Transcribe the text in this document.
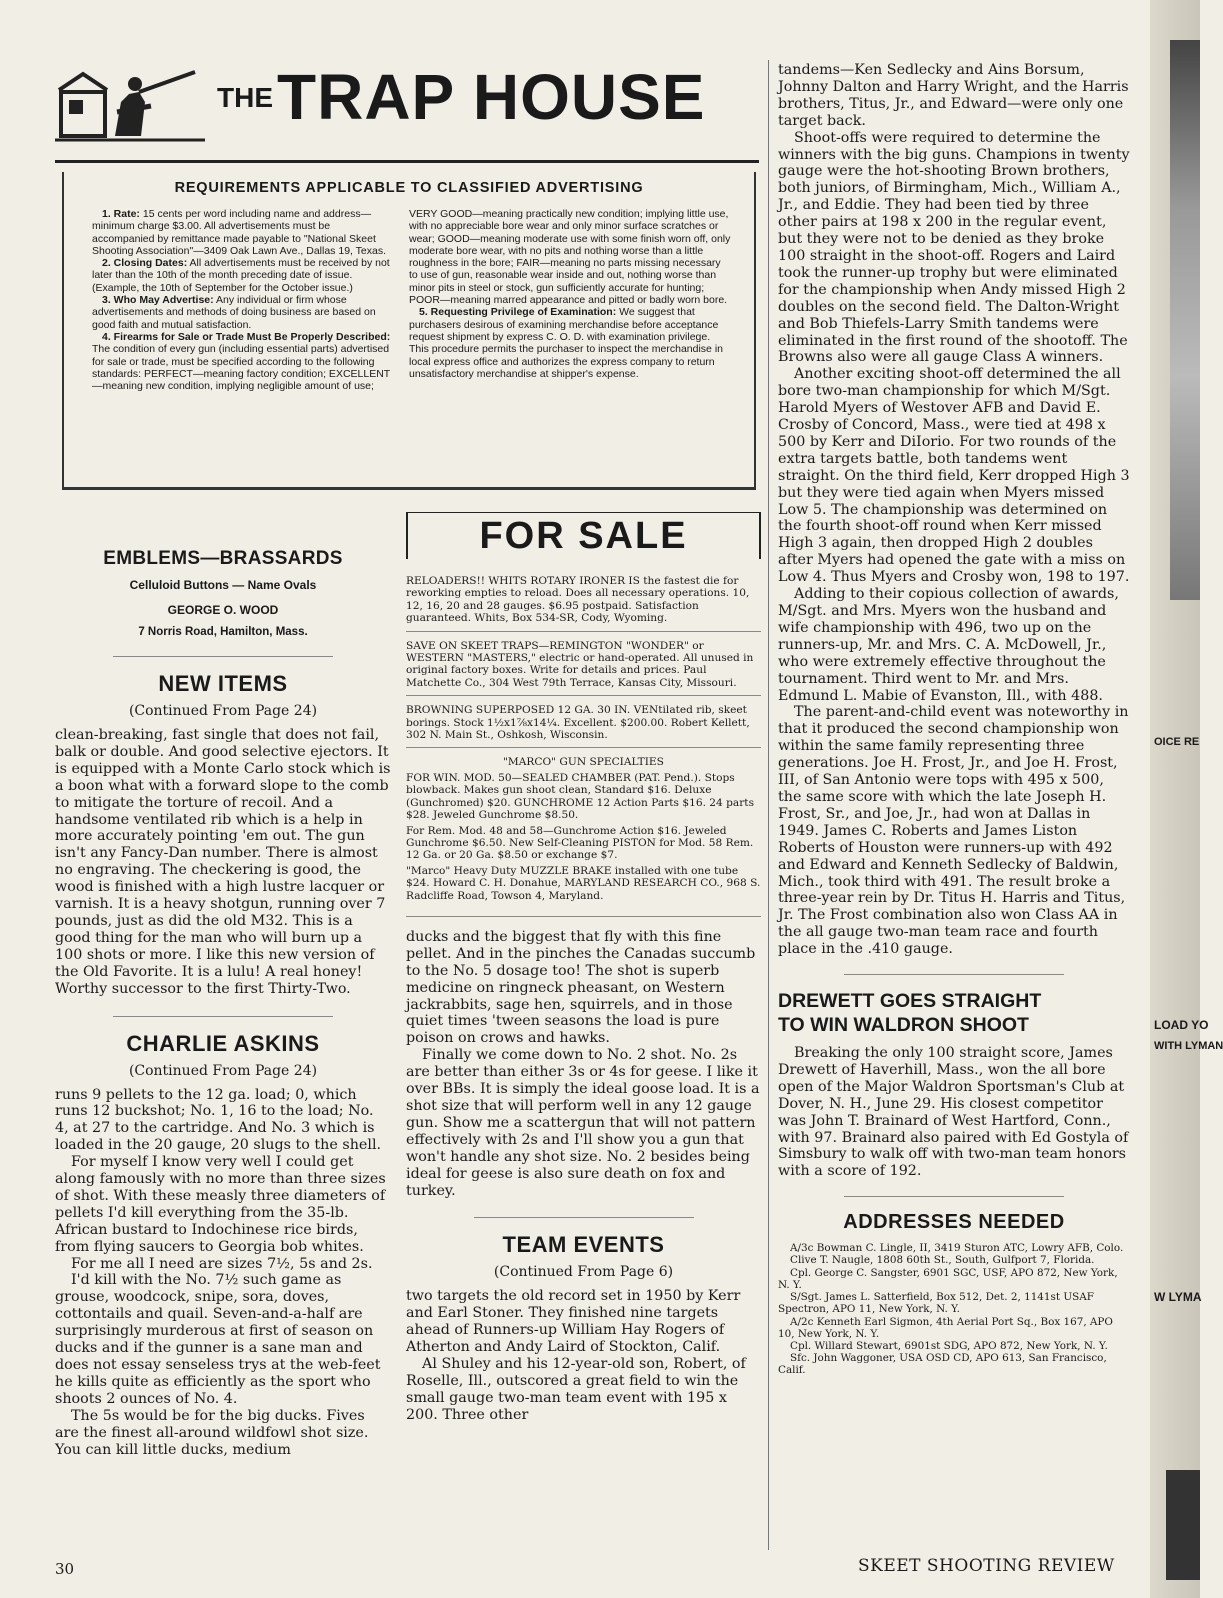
THE TRAP HOUSE
REQUIREMENTS APPLICABLE TO CLASSIFIED ADVERTISING

1. Rate: 15 cents per word including name and address—minimum charge $3.00. All advertisements must be accompanied by remittance made payable to "National Skeet Shooting Association"—3409 Oak Lawn Ave., Dallas 19, Texas.

2. Closing Dates: All advertisements must be received by not later than the 10th of the month preceding date of issue. (Example, the 10th of September for the October issue.)

3. Who May Advertise: Any individual or firm whose advertisements and methods of doing business are based on good faith and mutual satisfaction.

4. Firearms for Sale or Trade Must Be Properly Described: The condition of every gun (including essential parts) advertised for sale or trade, must be specified according to the following standards: PERFECT—meaning factory condition; EXCELLENT—meaning new condition, implying negligible amount of use;

VERY GOOD—meaning practically new condition; implying little use, with no appreciable bore wear and only minor surface scratches or wear; GOOD—meaning moderate use with some finish worn off, only moderate bore wear, with no pits and nothing worse than a little roughness in the bore; FAIR—meaning no parts missing necessary to use of gun, reasonable wear inside and out, nothing worse than minor pits in steel or stock, gun sufficiently accurate for hunting; POOR—meaning marred appearance and pitted or badly worn bore.

5. Requesting Privilege of Examination: We suggest that purchasers desirous of examining merchandise before acceptance request shipment by express C. O. D. with examination privilege. This procedure permits the purchaser to inspect the merchandise in local express office and authorizes the express company to return unsatisfactory merchandise at shipper's expense.

EMBLEMS—BRASSARDS
Celluloid Buttons — Name Ovals
GEORGE O. WOOD
7 Norris Road, Hamilton, Mass.
NEW ITEMS
(Continued From Page 24)

clean-breaking, fast single that does not fail, balk or double. And good selective ejectors. It is equipped with a Monte Carlo stock which is a boon what with a forward slope to the comb to mitigate the torture of recoil. And a handsome ventilated rib which is a help in more accurately pointing 'em out. The gun isn't any Fancy-Dan number. There is almost no engraving. The checkering is good, the wood is finished with a high lustre lacquer or varnish. It is a heavy shotgun, running over 7 pounds, just as did the old M32. This is a good thing for the man who will burn up a 100 shots or more. I like this new version of the Old Favorite. It is a lulu! A real honey! Worthy successor to the first Thirty-Two.

CHARLIE ASKINS
(Continued From Page 24)

runs 9 pellets to the 12 ga. load; 0, which runs 12 buckshot; No. 1, 16 to the load; No. 4, at 27 to the cartridge. And No. 3 which is loaded in the 20 gauge, 20 slugs to the shell.

For myself I know very well I could get along famously with no more than three sizes of shot. With these measly three diameters of pellets I'd kill everything from the 35-lb. African bustard to Indochinese rice birds, from flying saucers to Georgia bob whites.

For me all I need are sizes 7½, 5s and 2s.

I'd kill with the No. 7½ such game as grouse, woodcock, snipe, sora, doves, cottontails and quail. Seven-and-a-half are surprisingly murderous at first of season on ducks and if the gunner is a sane man and does not essay senseless trys at the web-feet he kills quite as efficiently as the sport who shoots 2 ounces of No. 4.

The 5s would be for the big ducks. Fives are the finest all-around wildfowl shot size. You can kill little ducks, medium

FOR SALE

RELOADERS!! WHITS ROTARY IRONER IS the fastest die for reworking empties to reload. Does all necessary operations. 10, 12, 16, 20 and 28 gauges. $6.95 postpaid. Satisfaction guaranteed. Whits, Box 534-SR, Cody, Wyoming.

SAVE ON SKEET TRAPS—REMINGTON "WONDER" or WESTERN "MASTERS," electric or hand-operated. All unused in original factory boxes. Write for details and prices. Paul Matchette Co., 304 West 79th Terrace, Kansas City, Missouri.

BROWNING SUPERPOSED 12 GA. 30 IN. VENtilated rib, skeet borings. Stock 1½x1⅞x14¼. Excellent. $200.00. Robert Kellett, 302 N. Main St., Oshkosh, Wisconsin.

"MARCO" GUN SPECIALTIES

FOR WIN. MOD. 50—SEALED CHAMBER (PAT. Pend.). Stops blowback. Makes gun shoot clean, Standard $16. Deluxe (Gunchromed) $20. GUNCHROME 12 Action Parts $16. 24 parts $28. Jeweled Gunchrome $8.50.

For Rem. Mod. 48 and 58—Gunchrome Action $16. Jeweled Gunchrome $6.50. New Self-Cleaning PISTON for Mod. 58 Rem. 12 Ga. or 20 Ga. $8.50 or exchange $7.

"Marco" Heavy Duty MUZZLE BRAKE installed with one tube $24. Howard C. H. Donahue, MARYLAND RESEARCH CO., 968 S. Radcliffe Road, Towson 4, Maryland.

ducks and the biggest that fly with this fine pellet. And in the pinches the Canadas succumb to the No. 5 dosage too! The shot is superb medicine on ringneck pheasant, on Western jackrabbits, sage hen, squirrels, and in those quiet times 'tween seasons the load is pure poison on crows and hawks.

Finally we come down to No. 2 shot. No. 2s are better than either 3s or 4s for geese. I like it over BBs. It is simply the ideal goose load. It is a shot size that will perform well in any 12 gauge gun. Show me a scattergun that will not pattern effectively with 2s and I'll show you a gun that won't handle any shot size. No. 2 besides being ideal for geese is also sure death on fox and turkey.

TEAM EVENTS
(Continued From Page 6)

two targets the old record set in 1950 by Kerr and Earl Stoner. They finished nine targets ahead of Runners-up William Hay Rogers of Atherton and Andy Laird of Stockton, Calif.

Al Shuley and his 12-year-old son, Robert, of Roselle, Ill., outscored a great field to win the small gauge two-man team event with 195 x 200. Three other

tandems—Ken Sedlecky and Ains Borsum, Johnny Dalton and Harry Wright, and the Harris brothers, Titus, Jr., and Edward—were only one target back.

Shoot-offs were required to determine the winners with the big guns. Champions in twenty gauge were the hot-shooting Brown brothers, both juniors, of Birmingham, Mich., William A., Jr., and Eddie. They had been tied by three other pairs at 198 x 200 in the regular event, but they were not to be denied as they broke 100 straight in the shoot-off. Rogers and Laird took the runner-up trophy but were eliminated for the championship when Andy missed High 2 doubles on the second field. The Dalton-Wright and Bob Thiefels-Larry Smith tandems were eliminated in the first round of the shootoff. The Browns also were all gauge Class A winners.

Another exciting shoot-off determined the all bore two-man championship for which M/Sgt. Harold Myers of Westover AFB and David E. Crosby of Concord, Mass., were tied at 498 x 500 by Kerr and DiIorio. For two rounds of the extra targets battle, both tandems went straight. On the third field, Kerr dropped High 3 but they were tied again when Myers missed Low 5. The championship was determined on the fourth shoot-off round when Kerr missed High 3 again, then dropped High 2 doubles after Myers had opened the gate with a miss on Low 4. Thus Myers and Crosby won, 198 to 197.

Adding to their copious collection of awards, M/Sgt. and Mrs. Myers won the husband and wife championship with 496, two up on the runners-up, Mr. and Mrs. C. A. McDowell, Jr., who were extremely effective throughout the tournament. Third went to Mr. and Mrs. Edmund L. Mabie of Evanston, Ill., with 488.

The parent-and-child event was noteworthy in that it produced the second championship won within the same family representing three generations. Joe H. Frost, Jr., and Joe H. Frost, III, of San Antonio were tops with 495 x 500, the same score with which the late Joseph H. Frost, Sr., and Joe, Jr., had won at Dallas in 1949. James C. Roberts and James Liston Roberts of Houston were runners-up with 492 and Edward and Kenneth Sedlecky of Baldwin, Mich., took third with 491. The result broke a three-year rein by Dr. Titus H. Harris and Titus, Jr. The Frost combination also won Class AA in the all gauge two-man team race and fourth place in the .410 gauge.

DREWETT GOES STRAIGHT
TO WIN WALDRON SHOOT

Breaking the only 100 straight score, James Drewett of Haverhill, Mass., won the all bore open of the Major Waldron Sportsman's Club at Dover, N. H., June 29. His closest competitor was John T. Brainard of West Hartford, Conn., with 97. Brainard also paired with Ed Gostyla of Simsbury to walk off with two-man team honors with a score of 192.

ADDRESSES NEEDED

A/3c Bowman C. Lingle, II, 3419 Sturon ATC, Lowry AFB, Colo.

Clive T. Naugle, 1808 60th St., South, Gulfport 7, Florida.

Cpl. George C. Sangster, 6901 SGC, USF, APO 872, New York, N. Y.

S/Sgt. James L. Satterfield, Box 512, Det. 2, 1141st USAF Spectron, APO 11, New York, N. Y.

A/2c Kenneth Earl Sigmon, 4th Aerial Port Sq., Box 167, APO 10, New York, N. Y.

Cpl. Willard Stewart, 6901st SDG, APO 872, New York, N. Y.

Sfc. John Waggoner, USA OSD CD, APO 613, San Francisco, Calif.

30	SKEET SHOOTING REVIEW
OICE RE
LOAD YO
WITH LYMAN
W LYMA
